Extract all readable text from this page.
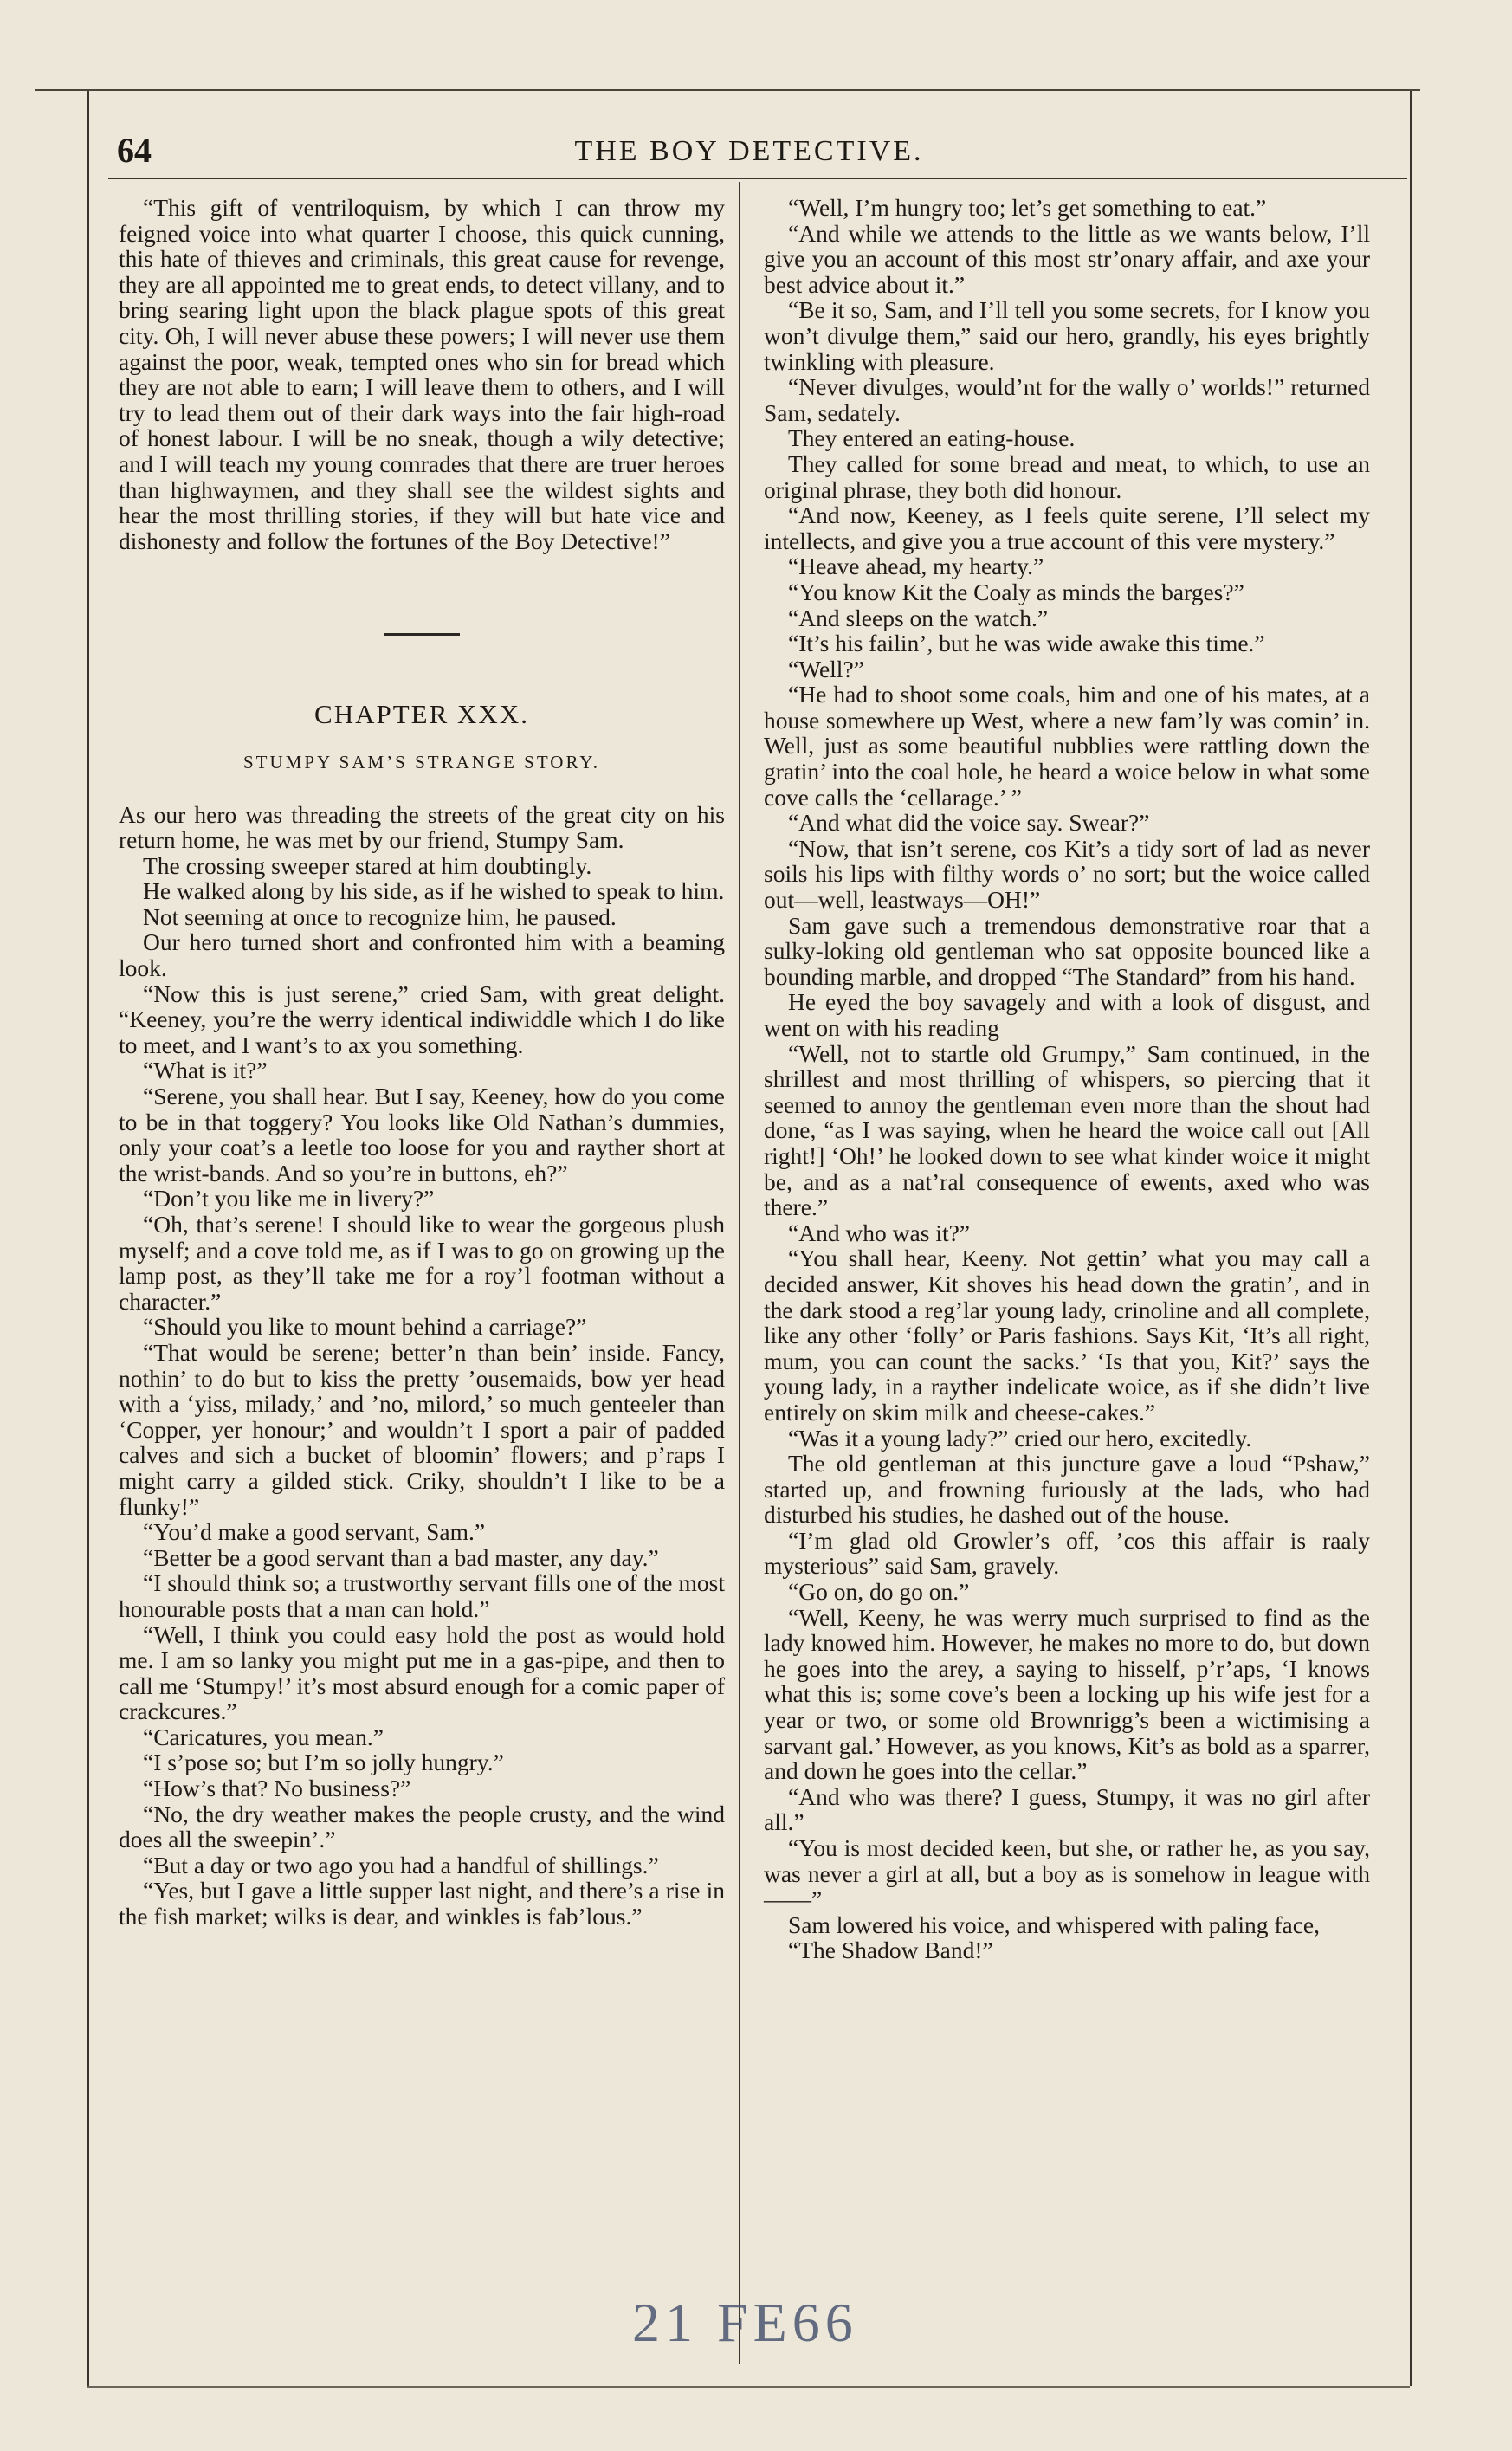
64	THE BOY DETECTIVE.

“This gift of ventriloquism, by which I can throw my feigned voice into what quarter I choose, this quick cunning, this hate of thieves and criminals, this great cause for revenge, they are all appointed me to great ends, to detect villany, and to bring searing light upon the black plague spots of this great city. Oh, I will never abuse these powers; I will never use them against the poor, weak, tempted ones who sin for bread which they are not able to earn; I will leave them to others, and I will try to lead them out of their dark ways into the fair high-road of honest labour. I will be no sneak, though a wily detective; and I will teach my young comrades that there are truer heroes than highwaymen, and they shall see the wildest sights and hear the most thrilling stories, if they will but hate vice and dishonesty and follow the fortunes of the Boy Detective!”

CHAPTER XXX.
STUMPY SAM’S STRANGE STORY.

As our hero was threading the streets of the great city on his return home, he was met by our friend, Stumpy Sam.

The crossing sweeper stared at him doubtingly.

He walked along by his side, as if he wished to speak to him.

Not seeming at once to recognize him, he paused.

Our hero turned short and confronted him with a beaming look.

“Now this is just serene,” cried Sam, with great delight. “Keeney, you’re the werry identical indiwiddle which I do like to meet, and I want’s to ax you something.

“What is it?”

“Serene, you shall hear. But I say, Keeney, how do you come to be in that toggery? You looks like Old Nathan’s dummies, only your coat’s a leetle too loose for you and rayther short at the wrist-bands. And so you’re in buttons, eh?”

“Don’t you like me in livery?”

“Oh, that’s serene! I should like to wear the gorgeous plush myself; and a cove told me, as if I was to go on growing up the lamp post, as they’ll take me for a roy’l footman without a character.”

“Should you like to mount behind a carriage?”

“That would be serene; better’n than bein’ inside. Fancy, nothin’ to do but to kiss the pretty ’ousemaids, bow yer head with a ‘yiss, milady,’ and ’no, milord,’ so much genteeler than ‘Copper, yer honour;’ and wouldn’t I sport a pair of padded calves and sich a bucket of bloomin’ flowers; and p’raps I might carry a gilded stick. Criky, shouldn’t I like to be a flunky!”

“You’d make a good servant, Sam.”

“Better be a good servant than a bad master, any day.”

“I should think so; a trustworthy servant fills one of the most honourable posts that a man can hold.”

“Well, I think you could easy hold the post as would hold me. I am so lanky you might put me in a gas-pipe, and then to call me ‘Stumpy!’ it’s most absurd enough for a comic paper of crackcures.”

“Caricatures, you mean.”

“I s’pose so; but I’m so jolly hungry.”

“How’s that? No business?”

“No, the dry weather makes the people crusty, and the wind does all the sweepin’.”

“But a day or two ago you had a handful of shillings.”

“Yes, but I gave a little supper last night, and there’s a rise in the fish market; wilks is dear, and winkles is fab’lous.”

“Well, I’m hungry too; let’s get something to eat.”

“And while we attends to the little as we wants below, I’ll give you an account of this most str’onary affair, and axe your best advice about it.”

“Be it so, Sam, and I’ll tell you some secrets, for I know you won’t divulge them,” said our hero, grandly, his eyes brightly twinkling with pleasure.

“Never divulges, would’nt for the wally o’ worlds!” returned Sam, sedately.

They entered an eating-house.

They called for some bread and meat, to which, to use an original phrase, they both did honour.

“And now, Keeney, as I feels quite serene, I’ll select my intellects, and give you a true account of this vere mystery.”

“Heave ahead, my hearty.”

“You know Kit the Coaly as minds the barges?”

“And sleeps on the watch.”

“It’s his failin’, but he was wide awake this time.”

“Well?”

“He had to shoot some coals, him and one of his mates, at a house somewhere up West, where a new fam’ly was comin’ in. Well, just as some beautiful nubblies were rattling down the gratin’ into the coal hole, he heard a woice below in what some cove calls the ‘cellarage.’ ”

“And what did the voice say. Swear?”

“Now, that isn’t serene, cos Kit’s a tidy sort of lad as never soils his lips with filthy words o’ no sort; but the woice called out—well, leastways—OH!”

Sam gave such a tremendous demonstrative roar that a sulky-loking old gentleman who sat opposite bounced like a bounding marble, and dropped “The Standard” from his hand.

He eyed the boy savagely and with a look of disgust, and went on with his reading

“Well, not to startle old Grumpy,” Sam continued, in the shrillest and most thrilling of whispers, so piercing that it seemed to annoy the gentleman even more than the shout had done, “as I was saying, when he heard the woice call out [All right!] ‘Oh!’ he looked down to see what kinder woice it might be, and as a nat’ral consequence of ewents, axed who was there.”

“And who was it?”

“You shall hear, Keeny. Not gettin’ what you may call a decided answer, Kit shoves his head down the gratin’, and in the dark stood a reg’lar young lady, crinoline and all complete, like any other ‘folly’ or Paris fashions. Says Kit, ‘It’s all right, mum, you can count the sacks.’ ‘Is that you, Kit?’ says the young lady, in a rayther indelicate woice, as if she didn’t live entirely on skim milk and cheese-cakes.”

“Was it a young lady?” cried our hero, excitedly.

The old gentleman at this juncture gave a loud “Pshaw,” started up, and frowning furiously at the lads, who had disturbed his studies, he dashed out of the house.

“I’m glad old Growler’s off, ’cos this affair is raaly mysterious” said Sam, gravely.

“Go on, do go on.”

“Well, Keeny, he was werry much surprised to find as the lady knowed him. However, he makes no more to do, but down he goes into the arey, a saying to hisself, p’r’aps, ‘I knows what this is; some cove’s been a locking up his wife jest for a year or two, or some old Brownrigg’s been a wictimising a sarvant gal.’ However, as you knows, Kit’s as bold as a sparrer, and down he goes into the cellar.”

“And who was there? I guess, Stumpy, it was no girl after all.”

“You is most decided keen, but she, or rather he, as you say, was never a girl at all, but a boy as is somehow in league with——”

Sam lowered his voice, and whispered with paling face,

“The Shadow Band!”

21 FE66
